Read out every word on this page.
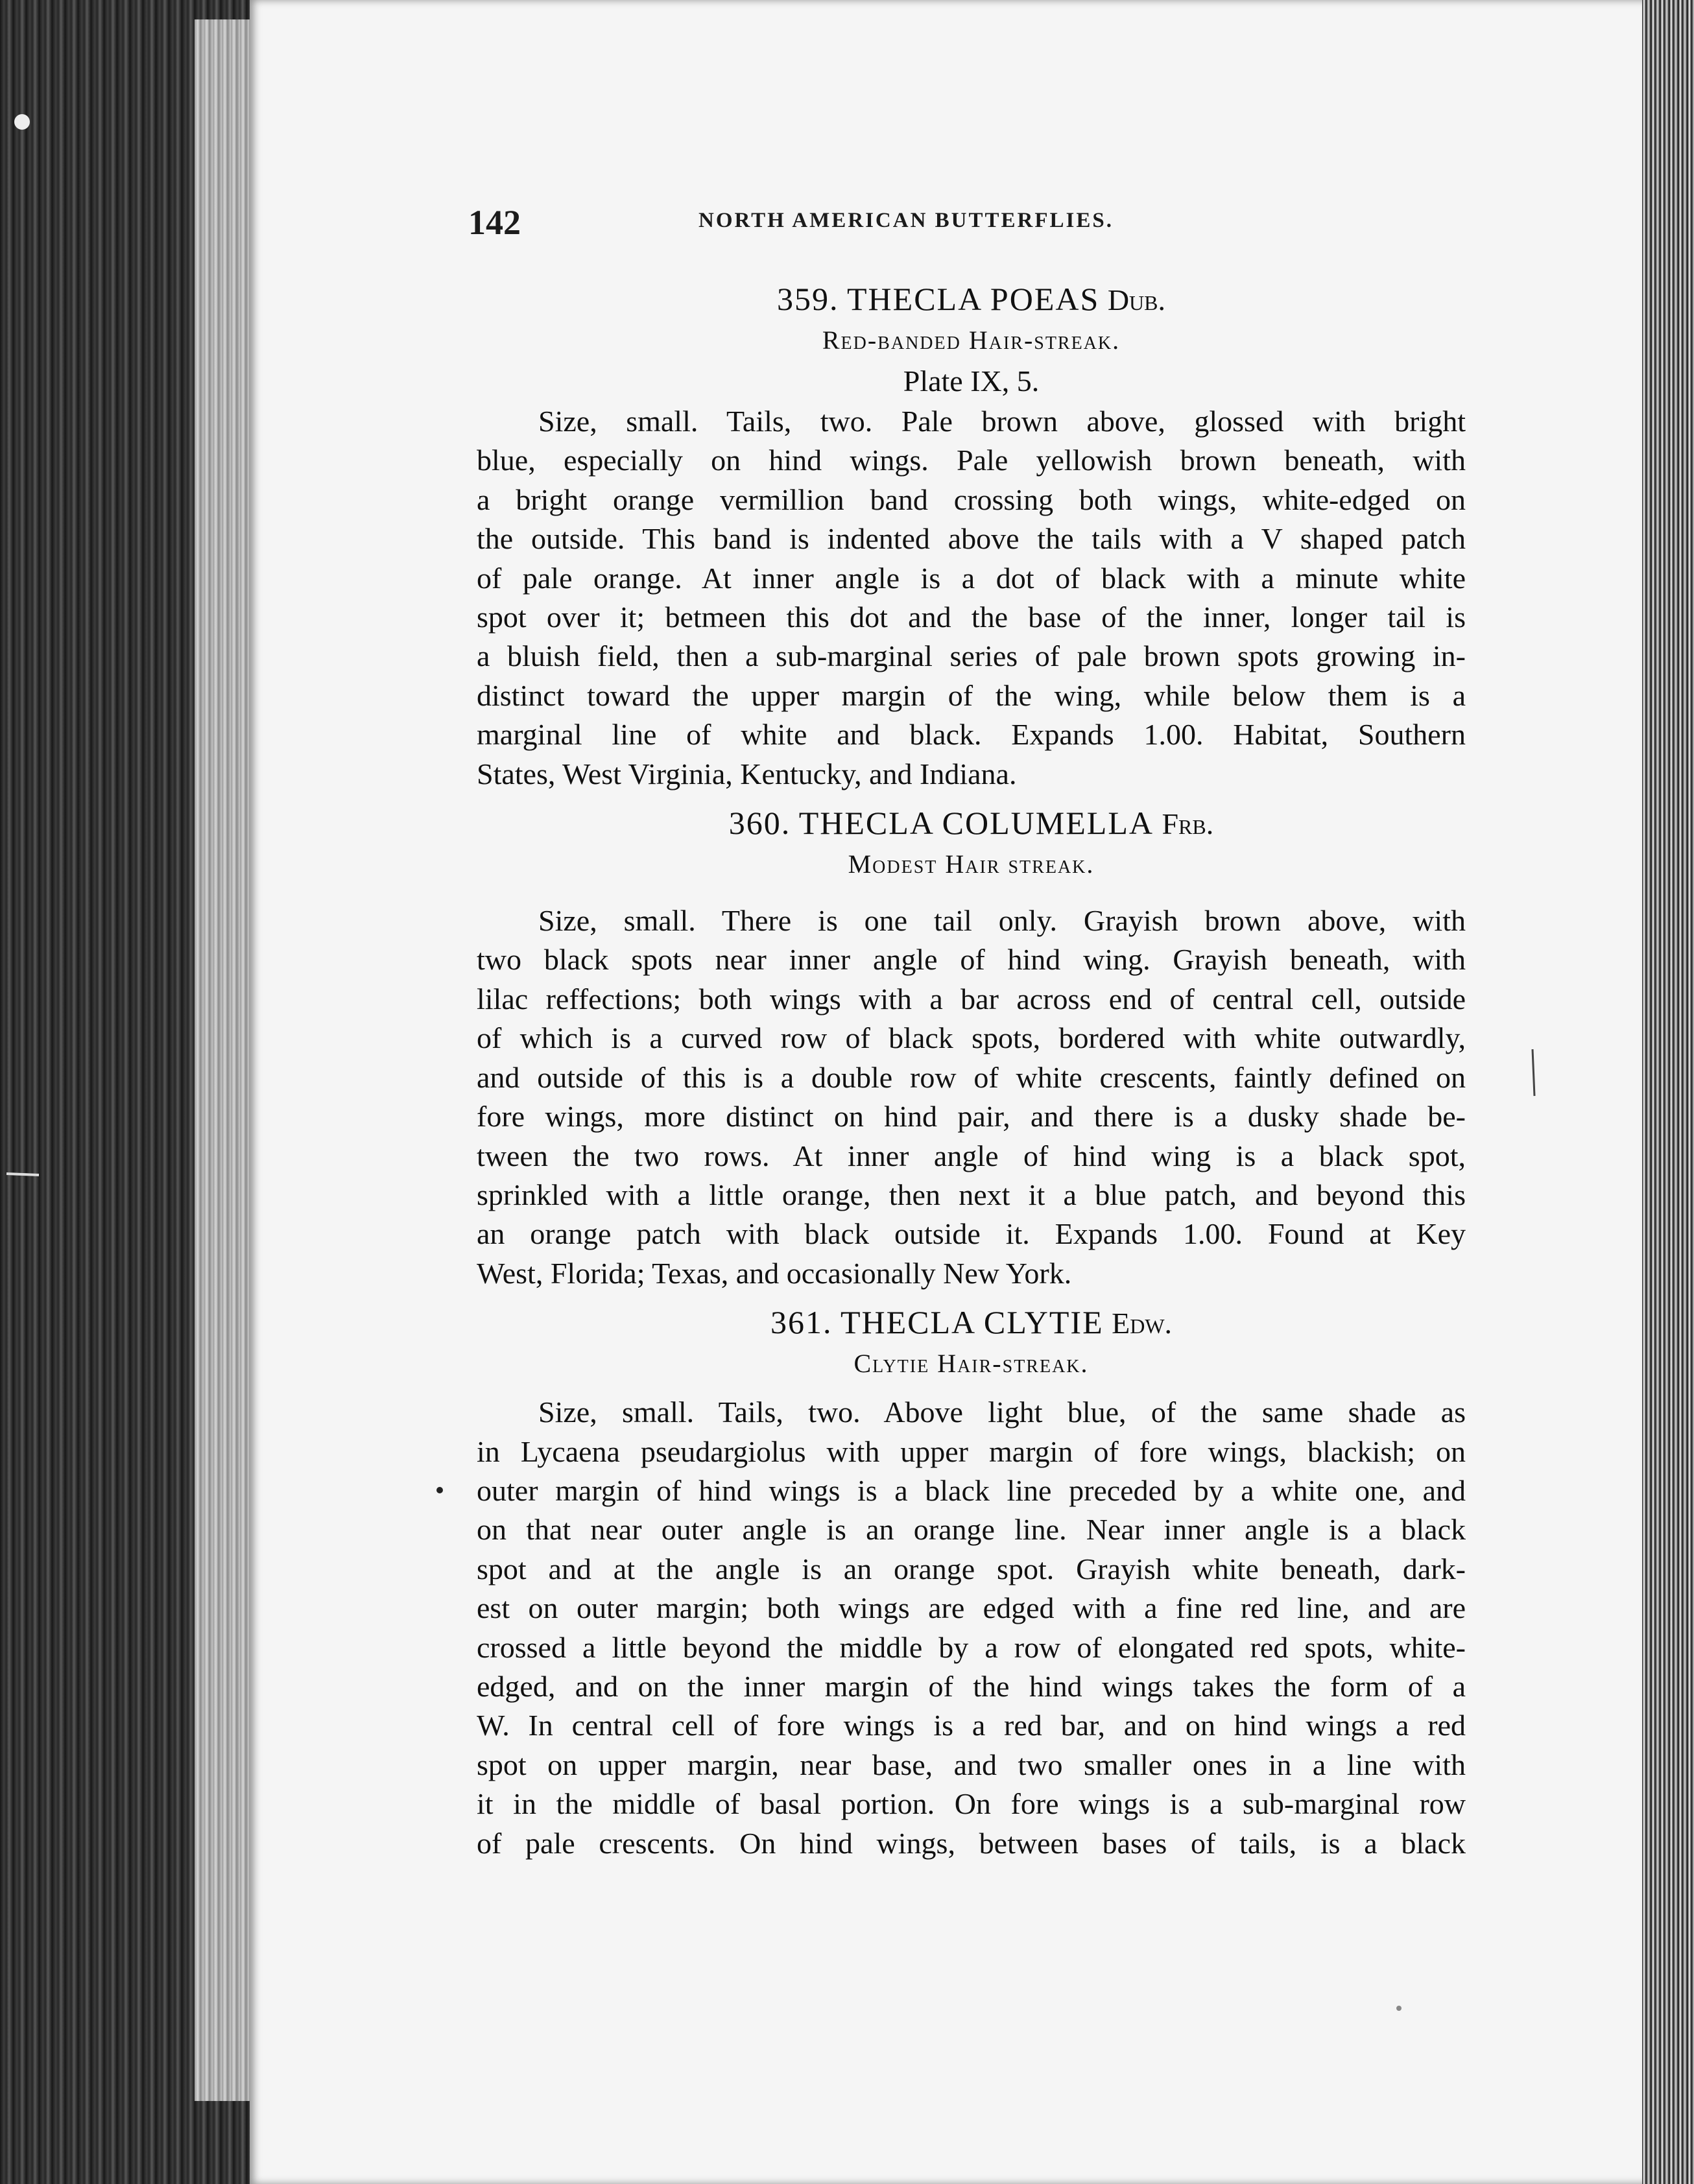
142	NORTH AMERICAN BUTTERFLIES.
359. THECLA POEAS Dub.
Red-banded Hair-streak.
Plate IX, 5.
Size, small. Tails, two. Pale brown above, glossed with bright
blue, especially on hind wings. Pale yellowish brown beneath, with
a bright orange vermillion band crossing both wings, white-edged on
the outside. This band is indented above the tails with a V shaped patch
of pale orange. At inner angle is a dot of black with a minute white
spot over it; betmeen this dot and the base of the inner, longer tail is
a bluish field, then a sub-marginal series of pale brown spots growing in-
distinct toward the upper margin of the wing, while below them is a
marginal line of white and black. Expands 1.00. Habitat, Southern
States, West Virginia, Kentucky, and Indiana.
360. THECLA COLUMELLA Frb.
Modest Hair streak.
Size, small. There is one tail only. Grayish brown above, with
two black spots near inner angle of hind wing. Grayish beneath, with
lilac reffections; both wings with a bar across end of central cell, outside
of which is a curved row of black spots, bordered with white outwardly,
and outside of this is a double row of white crescents, faintly defined on
fore wings, more distinct on hind pair, and there is a dusky shade be-
tween the two rows. At inner angle of hind wing is a black spot,
sprinkled with a little orange, then next it a blue patch, and beyond this
an orange patch with black outside it. Expands 1.00. Found at Key
West, Florida; Texas, and occasionally New York.
361. THECLA CLYTIE Edw.
Clytie Hair-streak.
Size, small. Tails, two. Above light blue, of the same shade as
in Lycaena pseudargiolus with upper margin of fore wings, blackish; on
outer margin of hind wings is a black line preceded by a white one, and
on that near outer angle is an orange line. Near inner angle is a black
spot and at the angle is an orange spot. Grayish white beneath, dark-
est on outer margin; both wings are edged with a fine red line, and are
crossed a little beyond the middle by a row of elongated red spots, white-
edged, and on the inner margin of the hind wings takes the form of a
W. In central cell of fore wings is a red bar, and on hind wings a red
spot on upper margin, near base, and two smaller ones in a line with
it in the middle of basal portion. On fore wings is a sub-marginal row
of pale crescents. On hind wings, between bases of tails, is a black
